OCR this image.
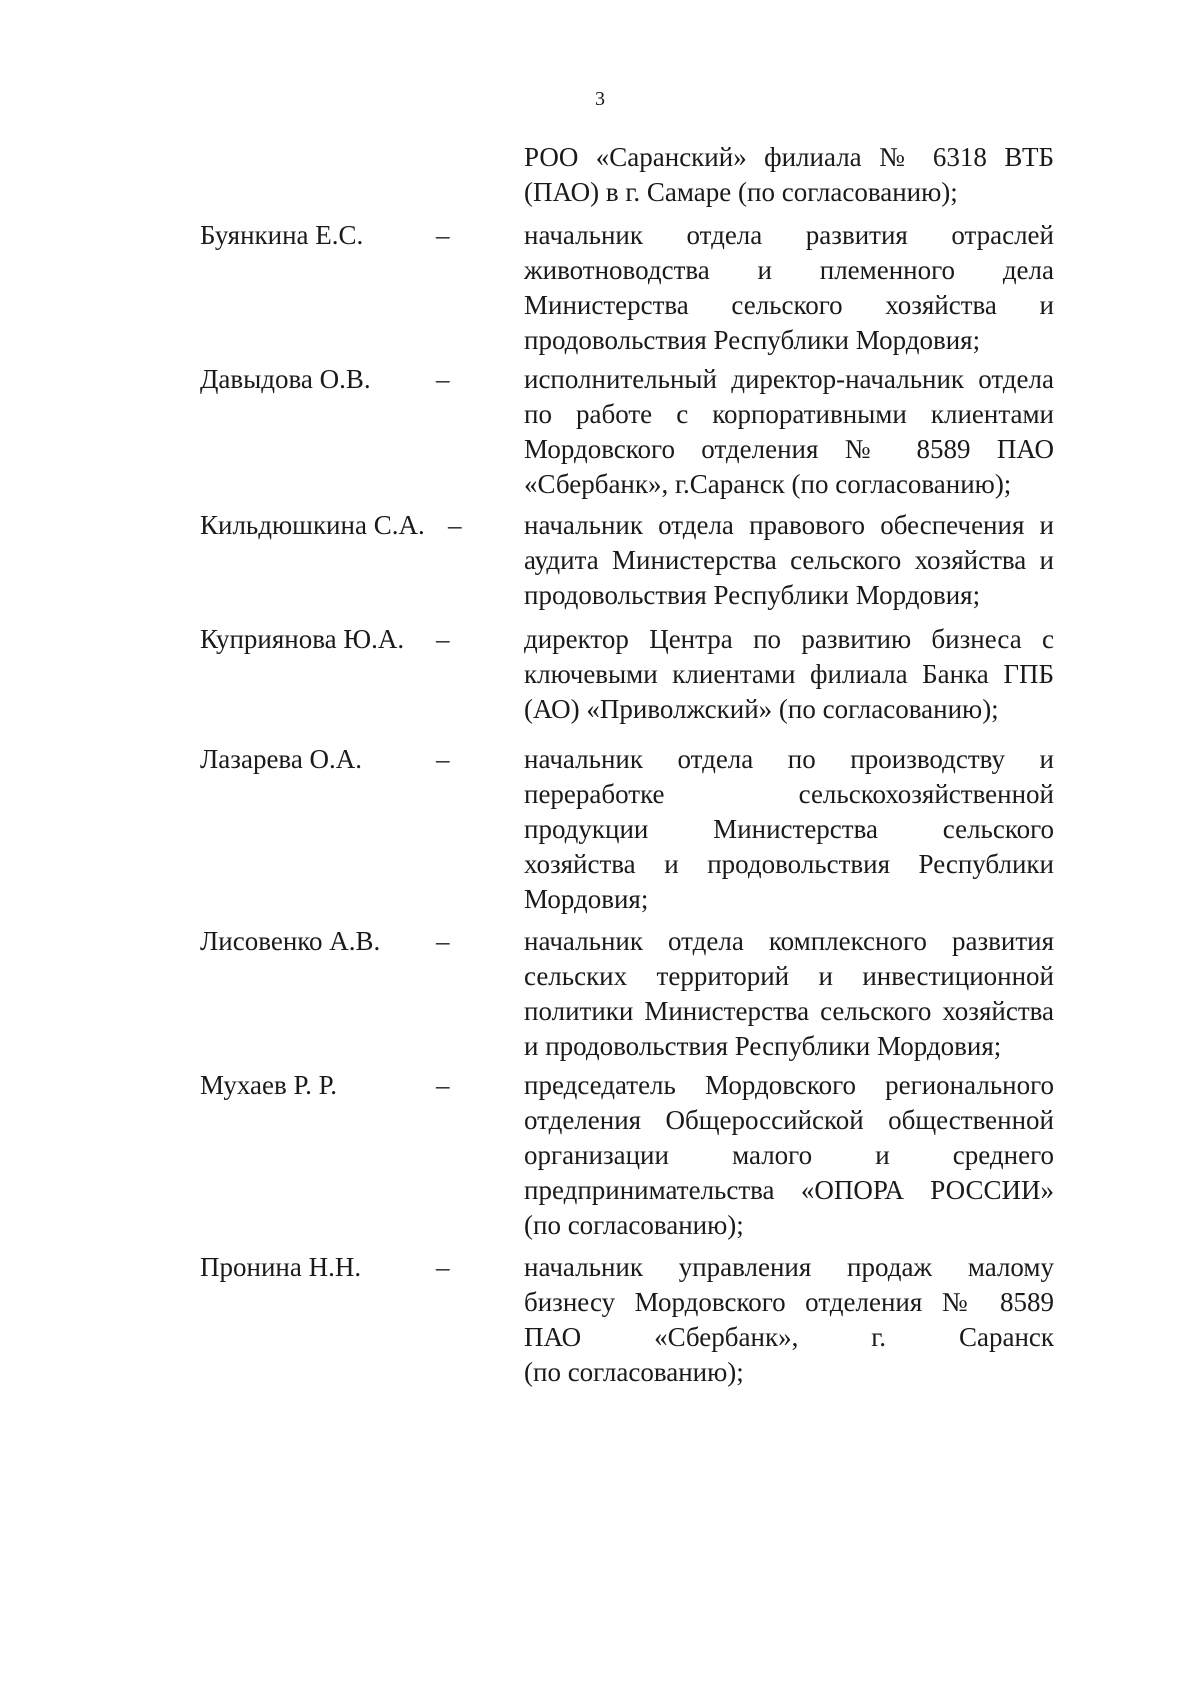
3
РОО «Саранский» филиала № 6318 ВТБ
(ПАО) в г. Самаре (по согласованию);
Буянкина Е.С.	–	начальник отдела развития отраслей
животноводства и племенного дела
Министерства сельского хозяйства и
продовольствия Республики Мордовия;
Давыдова О.В. –	исполнительный директор-начальник отдела
по работе с корпоративными клиентами
Мордовского отделения № 8589 ПАО
«Сбербанк», г.Саранск (по согласованию);
Кильдюшкина С.А. – начальник отдела правового обеспечения и
аудита Министерства сельского хозяйства и
продовольствия Республики Мордовия;
Куприянова Ю.А. –	директор Центра по развитию бизнеса с
ключевыми клиентами филиала Банка ГПБ
(АО) «Приволжский» (по согласованию);
Лазарева О.А.	–	начальник отдела по производству и
переработке сельскохозяйственной
продукции Министерства сельского
хозяйства и продовольствия Республики
Мордовия;
Лисовенко А.В. –	начальник отдела комплексного развития
сельских территорий и инвестиционной
политики Министерства сельского хозяйства
и продовольствия Республики Мордовия;
Мухаев Р. Р.	–	председатель Мордовского регионального
отделения Общероссийской общественной
организации малого и среднего
предпринимательства «ОПОРА РОССИИ»
(по согласованию);
Пронина Н.Н.	–	начальник управления продаж малому
бизнесу Мордовского отделения № 8589
ПАО «Сбербанк», г. Саранск
(по согласованию);
